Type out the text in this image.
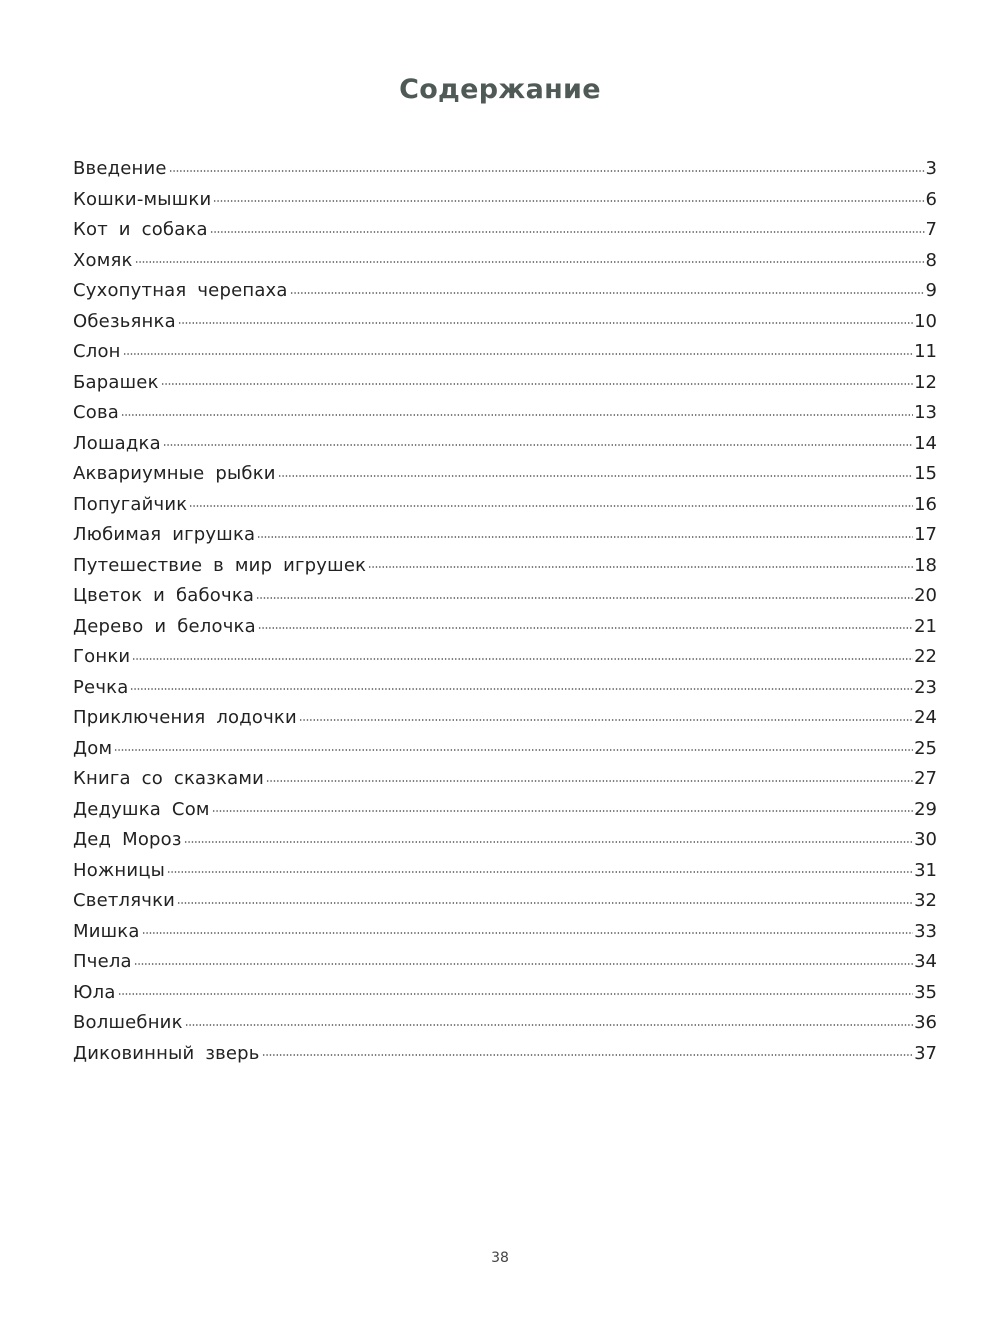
Содержание
Введение	3
Кошки-мышки	6
Кот и собака	7
Хомяк	8
Сухопутная черепаха	9
Обезьянка	10
Слон	11
Барашек	12
Сова	13
Лошадка	14
Аквариумные рыбки	15
Попугайчик	16
Любимая игрушка	17
Путешествие в мир игрушек	18
Цветок и бабочка	20
Дерево и белочка	21
Гонки	22
Речка	23
Приключения лодочки	24
Дом	25
Книга со сказками	27
Дедушка Сом	29
Дед Мороз	30
Ножницы	31
Светлячки	32
Мишка	33
Пчела	34
Юла	35
Волшебник	36
Диковинный зверь	37
38
